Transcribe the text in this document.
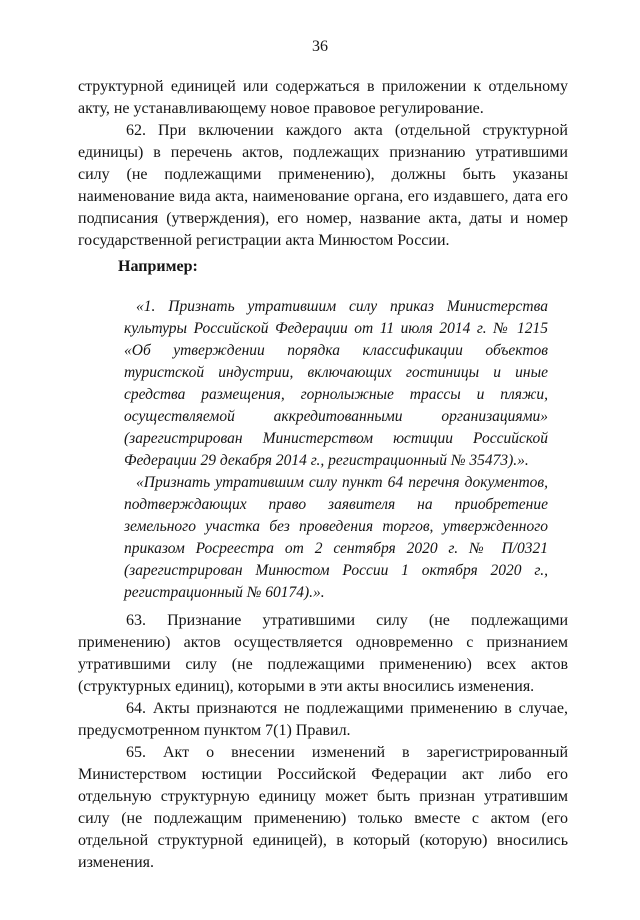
36

структурной единицей или содержаться в приложении к отдельному акту, не устанавливающему новое правовое регулирование.

62. При включении каждого акта (отдельной структурной единицы) в перечень актов, подлежащих признанию утратившими силу (не подлежащими применению), должны быть указаны наименование вида акта, наименование органа, его издавшего, дата его подписания (утверждения), его номер, название акта, даты и номер государственной регистрации акта Минюстом России.

Например:

«1. Признать утратившим силу приказ Министерства культуры Российской Федерации от 11 июля 2014 г. № 1215 «Об утверждении порядка классификации объектов туристской индустрии, включающих гостиницы и иные средства размещения, горнолыжные трассы и пляжи, осуществляемой аккредитованными организациями» (зарегистрирован Министерством юстиции Российской Федерации 29 декабря 2014 г., регистрационный № 35473).».

«Признать утратившим силу пункт 64 перечня документов, подтверждающих право заявителя на приобретение земельного участка без проведения торгов, утвержденного приказом Росреестра от 2 сентября 2020 г. № П/0321 (зарегистрирован Минюстом России 1 октября 2020 г., регистрационный № 60174).».

63. Признание утратившими силу (не подлежащими применению) актов осуществляется одновременно с признанием утратившими силу (не подлежащими применению) всех актов (структурных единиц), которыми в эти акты вносились изменения.

64. Акты признаются не подлежащими применению в случае, предусмотренном пунктом 7(1) Правил.

65. Акт о внесении изменений в зарегистрированный Министерством юстиции Российской Федерации акт либо его отдельную структурную единицу может быть признан утратившим силу (не подлежащим применению) только вместе с актом (его отдельной структурной единицей), в который (которую) вносились изменения.
